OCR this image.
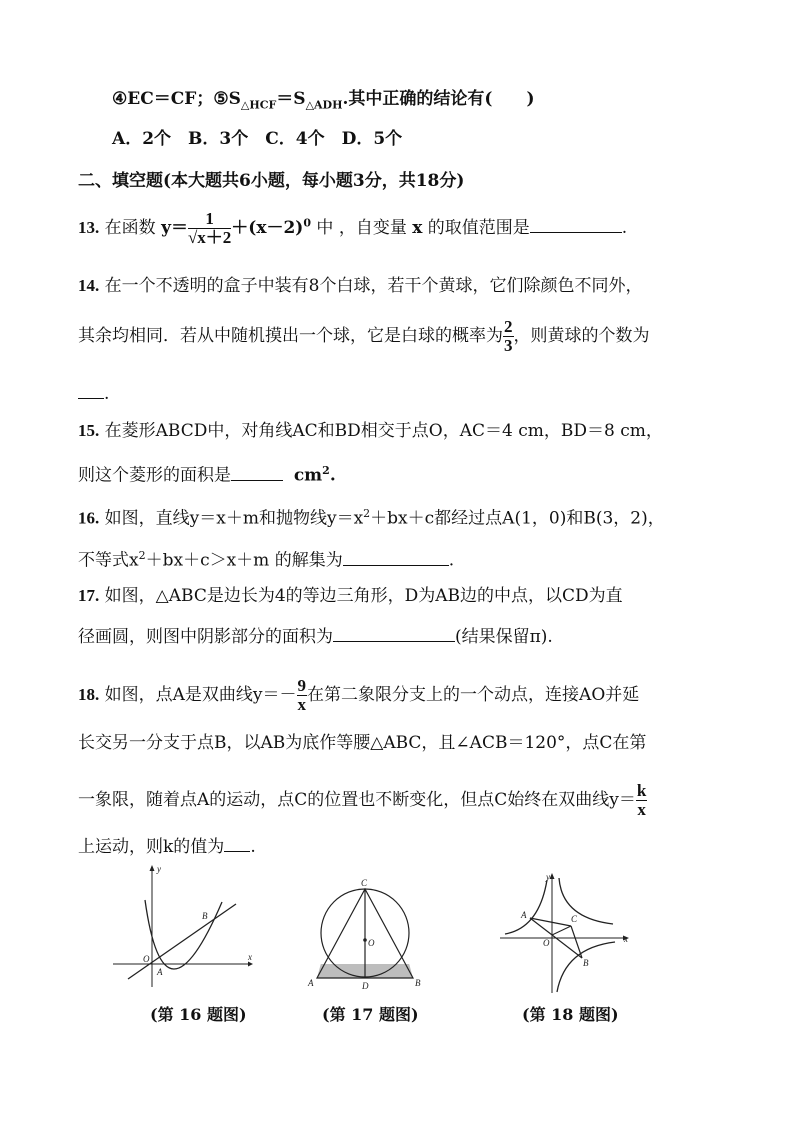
④EC＝CF；$⑤S_{\triangle HCF}=S_{\triangle ADH}$.其中正确的结论有(　　)
A．2个　B．3个　C．4个　D．5个
二、填空题(本大题共6小题，每小题3分，共18分)
13. 在函数 $y= \frac{1}{√x+2} +(x-2)^0$ 中 ，自变量 x 的取值范围是	.
14. 在一个不透明的盒子中装有8个白球，若干个黄球，它们除颜色不同外，
其余均相同．若从中随机摸出一个球，它是白球的概率为 $\frac{2}{3}$ ，则黄球的个数为
.
15. 在菱形ABCD中，对角线AC和BD相交于点O，AC＝4 cm，BD＝8 cm，
则这个菱形的面积是	$cm^2$.
16. 如图，直线y＝x＋m和抛物线$y=x^2+bx+c$都经过点A(1，0)和B(3，2)，
不等式$x^2+bx+c>x+m$ 的解集为	.
17. 如图，△ABC是边长为4的等边三角形，D为AB边的中点，以CD为直
径画圆，则图中阴影部分的面积为	(结果保留π).
18. 如图，点A是双曲线$y=- \frac{9}{x}$ 在第二象限分支上的一个动点，连接AO并延
长交另一分支于点B，以AB为底作等腰△ABC，且∠ACB＝120°，点C在第
一象限，随着点A的运动，点C的位置也不断变化，但点C始终在双曲线$y= \frac{k}{x}$
上运动，则k的值为 .
y
x
O
A
B
(第 16 题图)
C
O
A	D	B
(第 17 题图)
y
x
O
A
B
C
(第 18 题图)
